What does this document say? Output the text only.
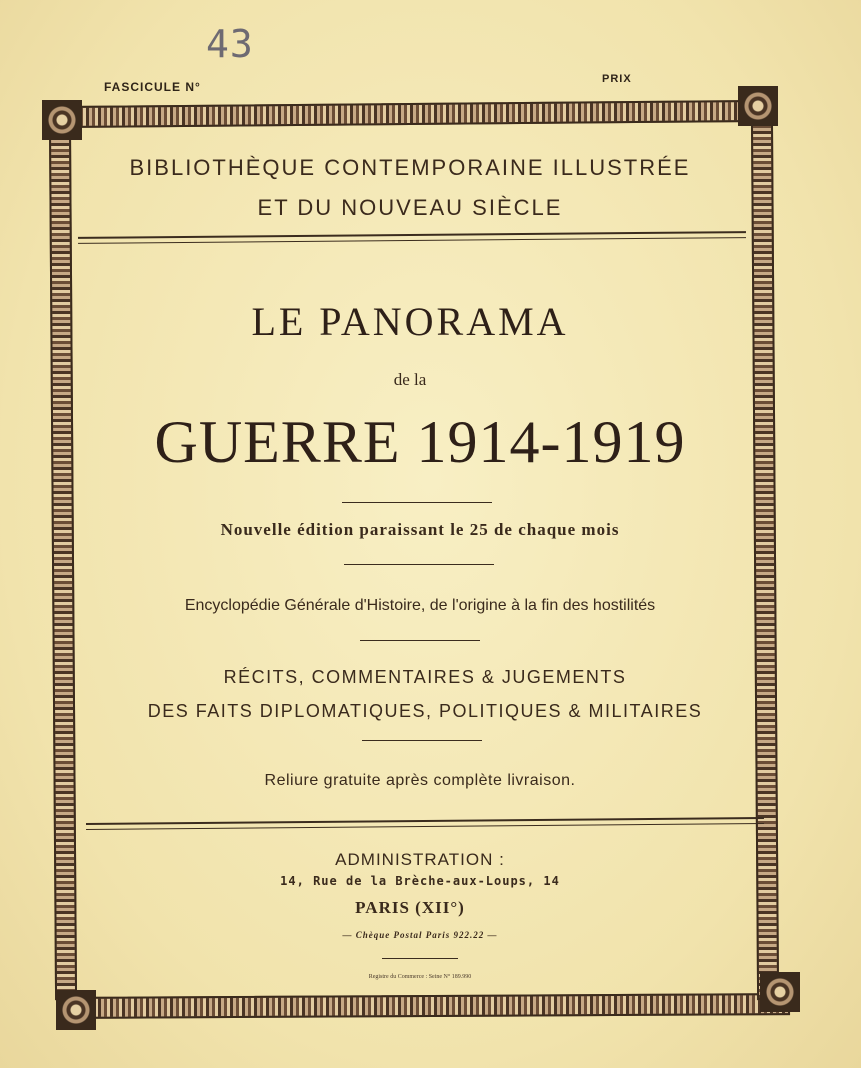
43
FASCICULE N°
PRIX
BIBLIOTHÈQUE CONTEMPORAINE ILLUSTRÉE
ET DU NOUVEAU SIÈCLE
LE PANORAMA
de la
GUERRE 1914-1919
Nouvelle édition paraissant le 25 de chaque mois
Encyclopédie Générale d'Histoire, de l'origine à la fin des hostilités
RÉCITS, COMMENTAIRES & JUGEMENTS
DES FAITS DIPLOMATIQUES, POLITIQUES & MILITAIRES
Reliure gratuite après complète livraison.
ADMINISTRATION :
14, Rue de la Brèche-aux-Loups, 14
PARIS (XII°)
— Chèque Postal Paris 922.22 —
Registre du Commerce : Seine N° 189.990
